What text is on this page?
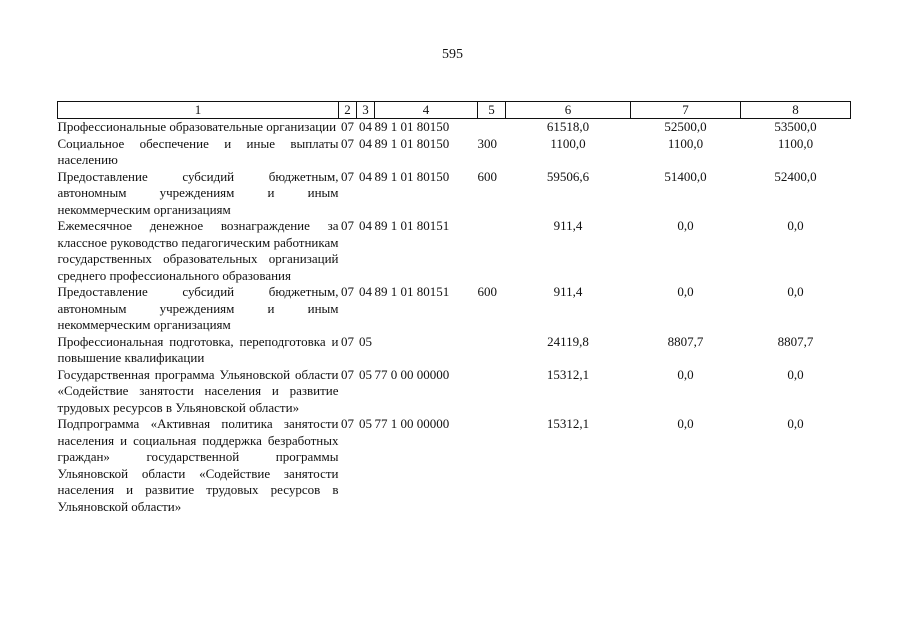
595
1	2	3	4	5	6	7	8
Профессиональные образовательные организации	07	04	89 1 01 80150		61518,0	52500,0	53500,0
Социальное обеспечение и иные выплаты населению	07	04	89 1 01 80150	300	1100,0	1100,0	1100,0
Предоставление субсидий бюджетным, автономным учреждениям и иным некоммерческим организациям	07	04	89 1 01 80150	600	59506,6	51400,0	52400,0
Ежемесячное денежное вознаграждение за классное руководство педагогическим работникам государственных образовательных организаций среднего профессионального образования	07	04	89 1 01 80151		911,4	0,0	0,0
Предоставление субсидий бюджетным, автономным учреждениям и иным некоммерческим организациям	07	04	89 1 01 80151	600	911,4	0,0	0,0
Профессиональная подготовка, переподготовка и повышение квалификации	07	05			24119,8	8807,7	8807,7
Государственная программа Ульяновской области «Содействие занятости населения и развитие трудовых ресурсов в Ульяновской области»	07	05	77 0 00 00000		15312,1	0,0	0,0
Подпрограмма «Активная политика занятости населения и социальная поддержка безработных граждан» государственной программы Ульяновской области «Содействие занятости населения и развитие трудовых ресурсов в Ульяновской области»	07	05	77 1 00 00000		15312,1	0,0	0,0
